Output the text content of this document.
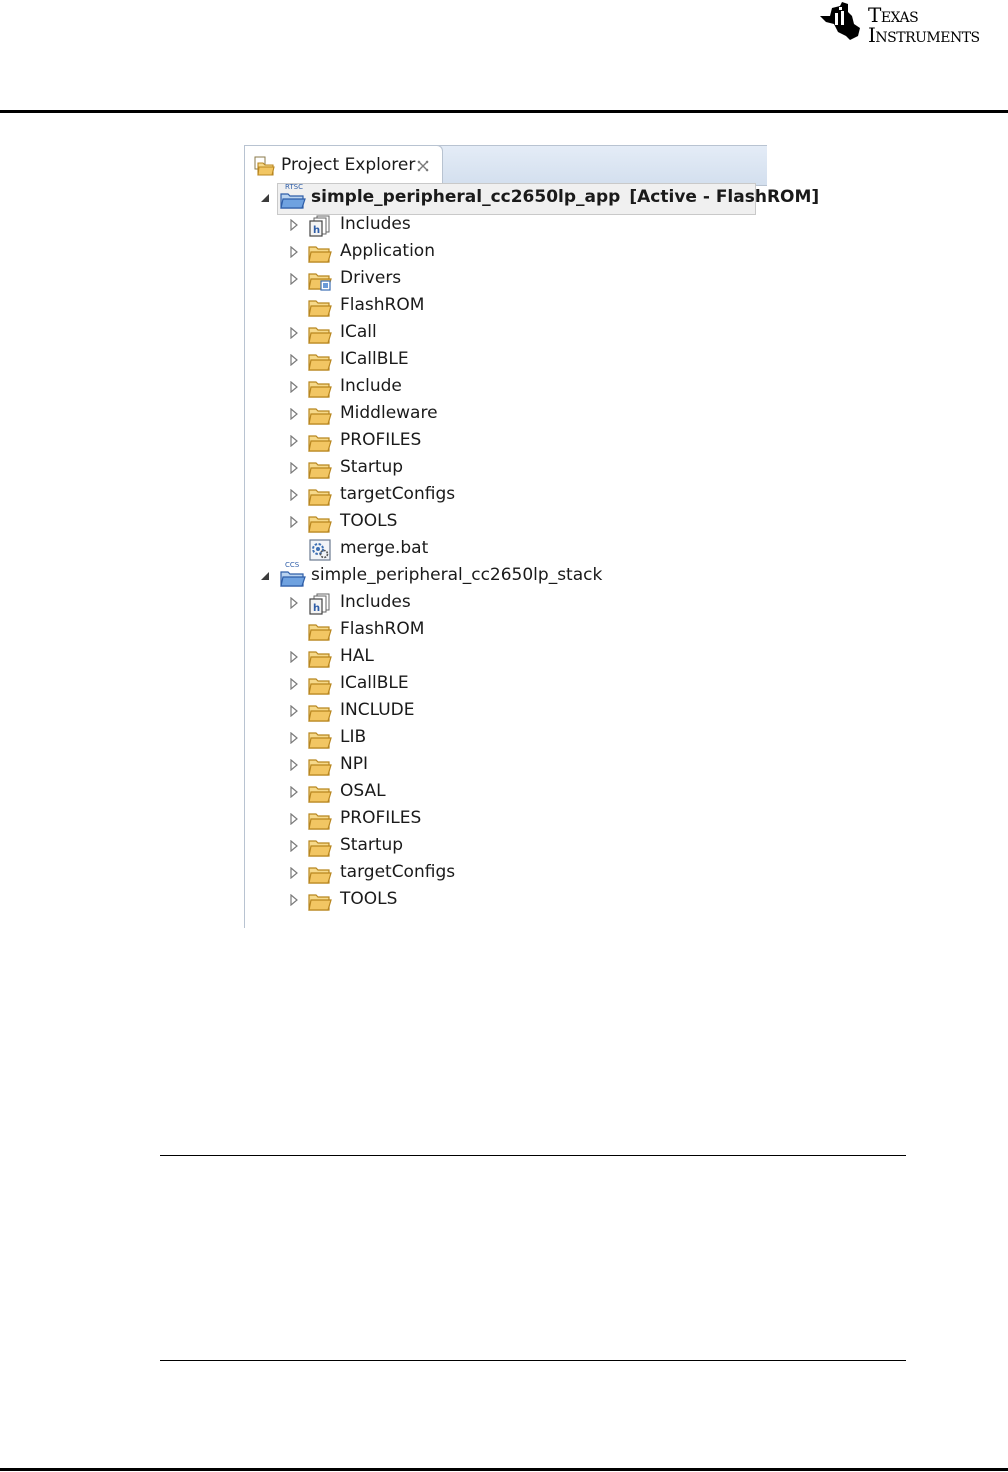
Texas
Instruments
Project Explorer
RTSC simple_peripheral_cc2650lp_app [Active - FlashROM]
Includes
Application
Drivers
FlashROM
ICall
ICallBLE
Include
Middleware
PROFILES
Startup
targetConfigs
TOOLS
merge.bat
CCS simple_peripheral_cc2650lp_stack
Includes
FlashROM
HAL
ICallBLE
INCLUDE
LIB
NPI
OSAL
PROFILES
Startup
targetConfigs
TOOLS
